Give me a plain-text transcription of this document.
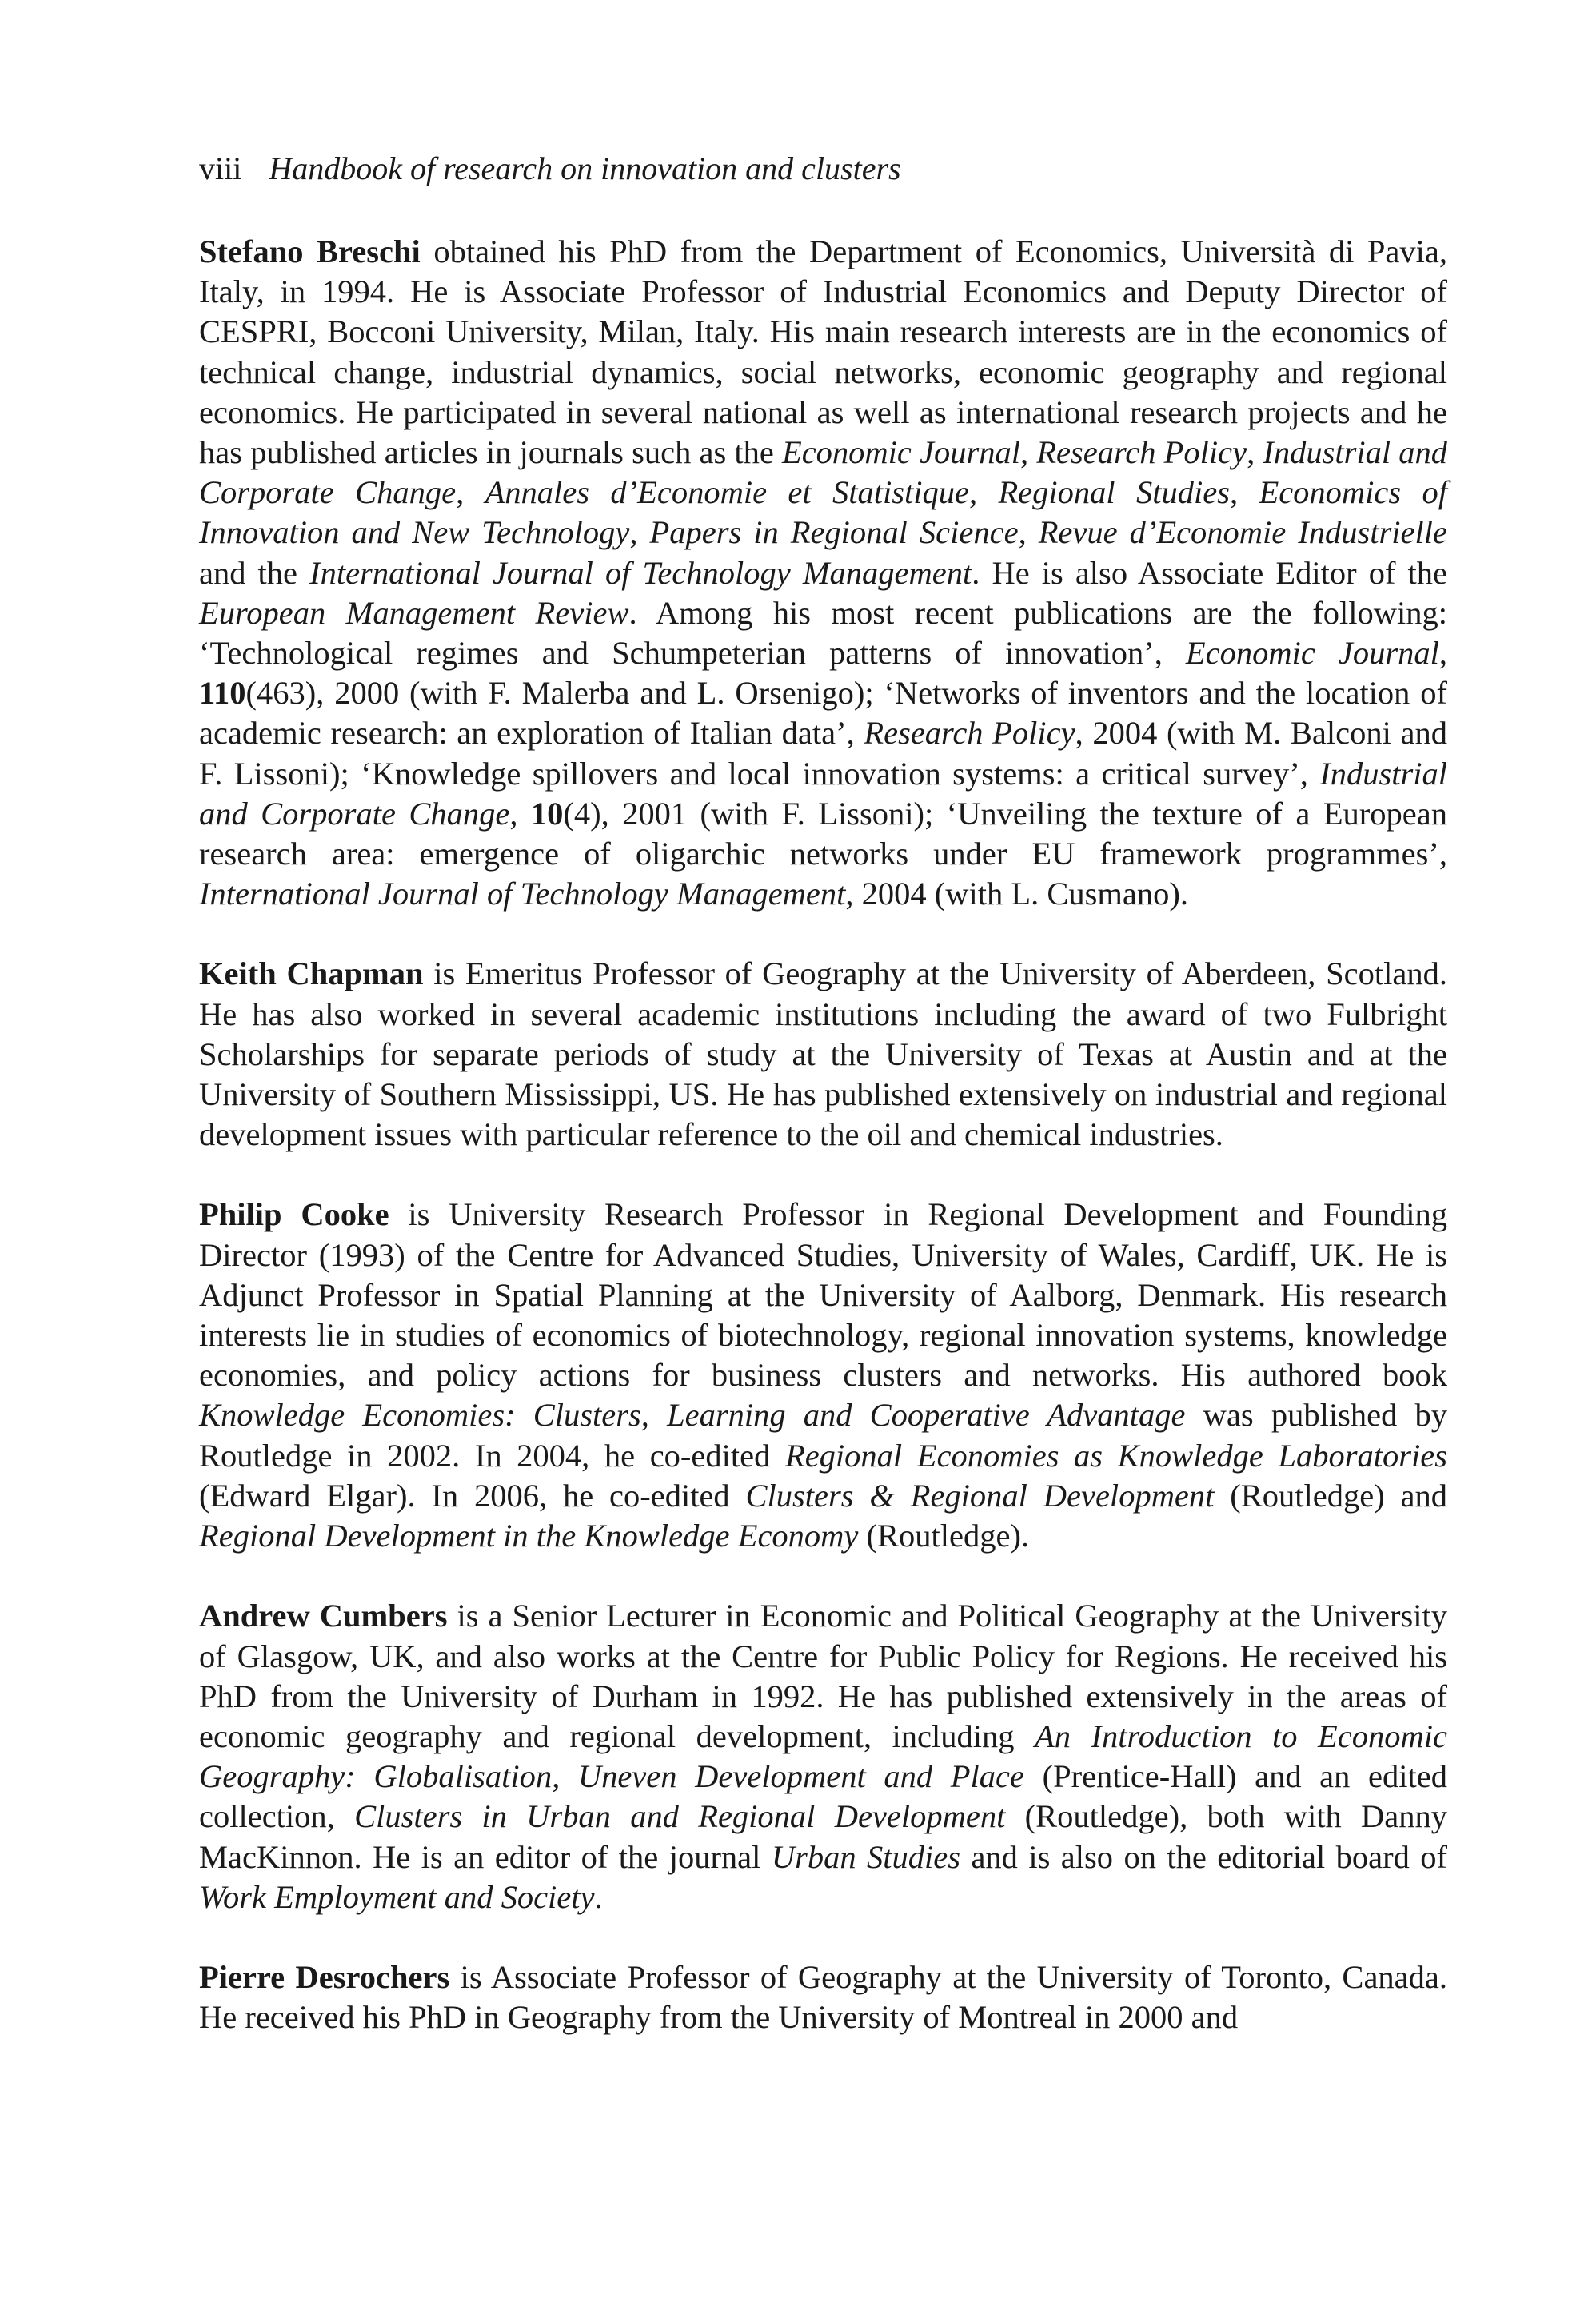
viii Handbook of research on innovation and clusters

Stefano Breschi obtained his PhD from the Department of Economics, Università di Pavia, Italy, in 1994. He is Associate Professor of Industrial Economics and Deputy Director of CESPRI, Bocconi University, Milan, Italy. His main research interests are in the economics of technical change, industrial dynamics, social networks, economic geography and regional economics. He participated in several national as well as international research projects and he has published articles in journals such as the Economic Journal, Research Policy, Industrial and Corporate Change, Annales d’Economie et Statistique, Regional Studies, Economics of Innovation and New Technology, Papers in Regional Science, Revue d’Economie Industrielle and the International Journal of Technology Management. He is also Associate Editor of the European Management Review. Among his most recent publications are the following: ‘Technological regimes and Schumpeterian patterns of innovation’, Economic Journal, 110(463), 2000 (with F. Malerba and L. Orsenigo); ‘Networks of inventors and the location of academic research: an exploration of Italian data’, Research Policy, 2004 (with M. Balconi and F. Lissoni); ‘Knowledge spillovers and local innovation systems: a critical survey’, Industrial and Corporate Change, 10(4), 2001 (with F. Lissoni); ‘Unveiling the texture of a European research area: emergence of oligarchic networks under EU framework programmes’, International Journal of Technology Management, 2004 (with L. Cusmano).

Keith Chapman is Emeritus Professor of Geography at the University of Aberdeen, Scotland. He has also worked in several academic institutions including the award of two Fulbright Scholarships for separate periods of study at the University of Texas at Austin and at the University of Southern Mississippi, US. He has published extensively on industrial and regional development issues with particular reference to the oil and chemical industries.

Philip Cooke is University Research Professor in Regional Development and Founding Director (1993) of the Centre for Advanced Studies, University of Wales, Cardiff, UK. He is Adjunct Professor in Spatial Planning at the University of Aalborg, Denmark. His research interests lie in studies of economics of biotechnology, regional innovation systems, knowledge economies, and policy actions for business clusters and networks. His authored book Knowledge Economies: Clusters, Learning and Cooperative Advantage was published by Routledge in 2002. In 2004, he co-edited Regional Economies as Knowledge Laboratories (Edward Elgar). In 2006, he co-edited Clusters & Regional Development (Routledge) and Regional Development in the Knowledge Economy (Routledge).

Andrew Cumbers is a Senior Lecturer in Economic and Political Geography at the University of Glasgow, UK, and also works at the Centre for Public Policy for Regions. He received his PhD from the University of Durham in 1992. He has published extensively in the areas of economic geography and regional development, including An Introduction to Economic Geography: Globalisation, Uneven Development and Place (Prentice-Hall) and an edited collection, Clusters in Urban and Regional Development (Routledge), both with Danny MacKinnon. He is an editor of the journal Urban Studies and is also on the editorial board of Work Employment and Society.

Pierre Desrochers is Associate Professor of Geography at the University of Toronto, Canada. He received his PhD in Geography from the University of Montreal in 2000 and
